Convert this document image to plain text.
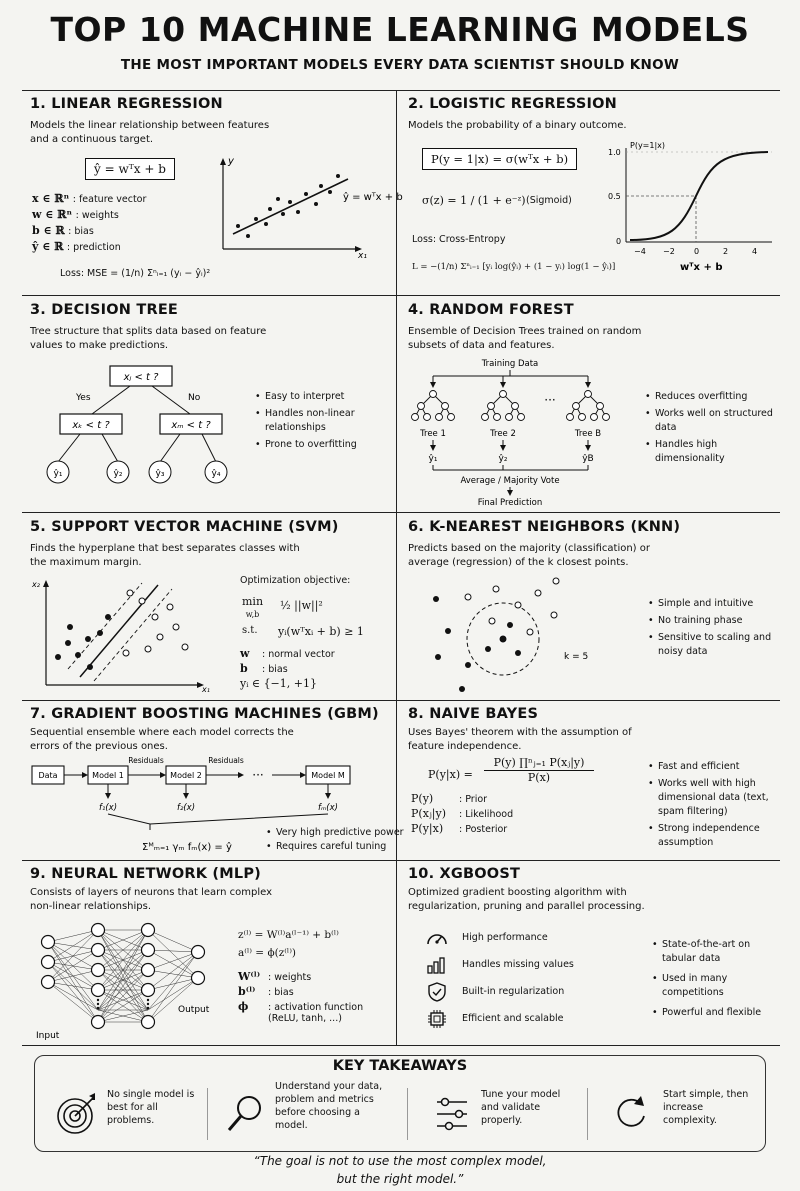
TOP 10 MACHINE LEARNING MODELS
THE MOST IMPORTANT MODELS EVERY DATA SCIENTIST SHOULD KNOW
1. LINEAR REGRESSION
Models the linear relationship between features and a continuous target.
ŷ = wᵀx + b
x ∈ ℝⁿ : feature vector
w ∈ ℝⁿ : weights
b ∈ ℝ : bias
ŷ ∈ ℝ : prediction
Loss: MSE = (1/n) Σⁿᵢ₌₁ (yᵢ − ŷᵢ)²
y
x₁
ŷ = wᵀx + b
2. LOGISTIC REGRESSION
Models the probability of a binary outcome.
P(y = 1|x) = σ(wᵀx + b)
σ(z) = 1 / (1 + e⁻ᶻ) (Sigmoid)
Loss: Cross-Entropy
L = −(1/n) Σⁿᵢ₌₁ [yᵢ log(ŷᵢ) + (1 − yᵢ) log(1 − ŷᵢ)]
P(y=1|x)
1.0
0.5
0
−4 −2 0	2	4
wᵀx + b
3. DECISION TREE
Tree structure that splits data based on feature values to make predictions.
xⱼ < t ?
Yes	No
xₖ < t ?	xₘ < t ?
ŷ₁	ŷ₂	ŷ₃	ŷ₄
• Easy to interpret
• Handles non-linear relationships
• Prone to overfitting
4. RANDOM FOREST
Ensemble of Decision Trees trained on random subsets of data and features.
Training Data
···
Tree 1	Tree 2	Tree B
ŷ₁	ŷ₂	ŷB
Average / Majority Vote
Final Prediction
• Reduces overfitting
• Works well on structured data
• Handles high dimensionality
5. SUPPORT VECTOR MACHINE (SVM)
Finds the hyperplane that best separates classes with the maximum margin.
x₂
x₁
Optimization objective:
min
w,b
½ ||w||²
s.t. yᵢ(wᵀxᵢ + b) ≥ 1
w : normal vector
b : bias
yᵢ ∈ {−1, +1}
6. K-NEAREST NEIGHBORS (KNN)
Predicts based on the majority (classification) or average (regression) of the k closest points.
k = 5
• Simple and intuitive
• No training phase
• Sensitive to scaling and noisy data
7. GRADIENT BOOSTING MACHINES (GBM)
Sequential ensemble where each model corrects the errors of the previous ones.
Data	Model 1
Residuals
Model 2
Residuals
···	Model M
f₁(x)	f₂(x)	fₘ(x)
Σᴹₘ₌₁ γₘ fₘ(x) = ŷ
• Very high predictive power
• Requires careful tuning
8. NAIVE BAYES
Uses Bayes' theorem with the assumption of feature independence.
$P(y|x) = \frac{\text{P(y) ∏ⁿⱼ₌₁ P(xⱼ|y)}}{P(x)}$
P(y)	: Prior
P(xⱼ|y) : Likelihood
P(y|x) : Posterior
• Fast and efficient
• Works well with high dimensional data (text, spam filtering)
• Strong independence assumption
9. NEURAL NETWORK (MLP)
Consists of layers of neurons that learn complex non-linear relationships.
Input
Output
z⁽ˡ⁾ = W⁽ˡ⁾a⁽ˡ⁻¹⁾ + b⁽ˡ⁾
a⁽ˡ⁾ = ϕ(z⁽ˡ⁾)
W⁽ˡ⁾ : weights
b⁽ˡ⁾ : bias
ϕ : activation function
(ReLU, tanh, ...)
10. XGBOOST
Optimized gradient boosting algorithm with regularization, pruning and parallel processing.
High performance
Handles missing values
Built-in regularization
Efficient and scalable
• State-of-the-art on tabular data
• Used in many competitions
• Powerful and flexible
KEY TAKEAWAYS
No single model is best for all problems.
Understand your data, problem and metrics before choosing a model.
Tune your model and validate properly.
Start simple, then increase complexity.
“The goal is not to use the most complex model,
but the right model.”
